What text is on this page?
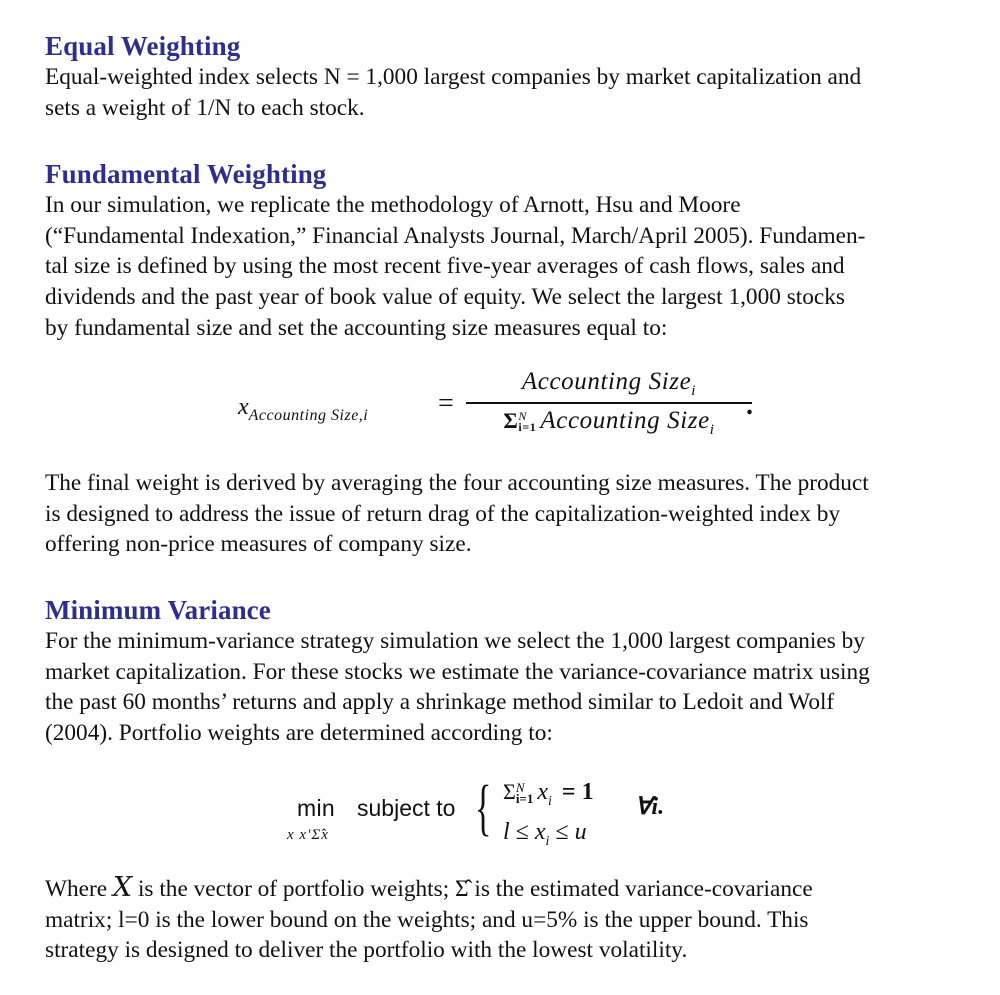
Equal Weighting

Equal-weighted index selects N = 1,000 largest companies by market capitalization and

sets a weight of 1/N to each stock.

Fundamental Weighting

In our simulation, we replicate the methodology of Arnott, Hsu and Moore

(“Fundamental Indexation,” Financial Analysts Journal, March/April 2005). Fundamen-

tal size is defined by using the most recent five-year averages of cash flows, sales and

dividends and the past year of book value of equity. We select the largest 1,000 stocks

by fundamental size and set the accounting size measures equal to:

$x_{Accounting Size,i}$ =
Accounting Size$_i$
Σ N
i=1 Accounting Size$_i$
.

The final weight is derived by averaging the four accounting size measures. The product

is designed to address the issue of return drag of the capitalization-weighted index by

offering non-price measures of company size.

Minimum Variance

For the minimum-variance strategy simulation we select the 1,000 largest companies by

market capitalization. For these stocks we estimate the variance-covariance matrix using

the past 60 months’ returns and apply a shrinkage method similar to Ledoit and Wolf

(2004). Portfolio weights are determined according to:

min
x x′Σ̂x
subject to { Σ N
i=1 $x_i = 1$
$l \le x_i \le u$
∀i.

Where X is the vector of portfolio weights; Σ̂ is the estimated variance-covariance

matrix; l=0 is the lower bound on the weights; and u=5% is the upper bound. This

strategy is designed to deliver the portfolio with the lowest volatility.
